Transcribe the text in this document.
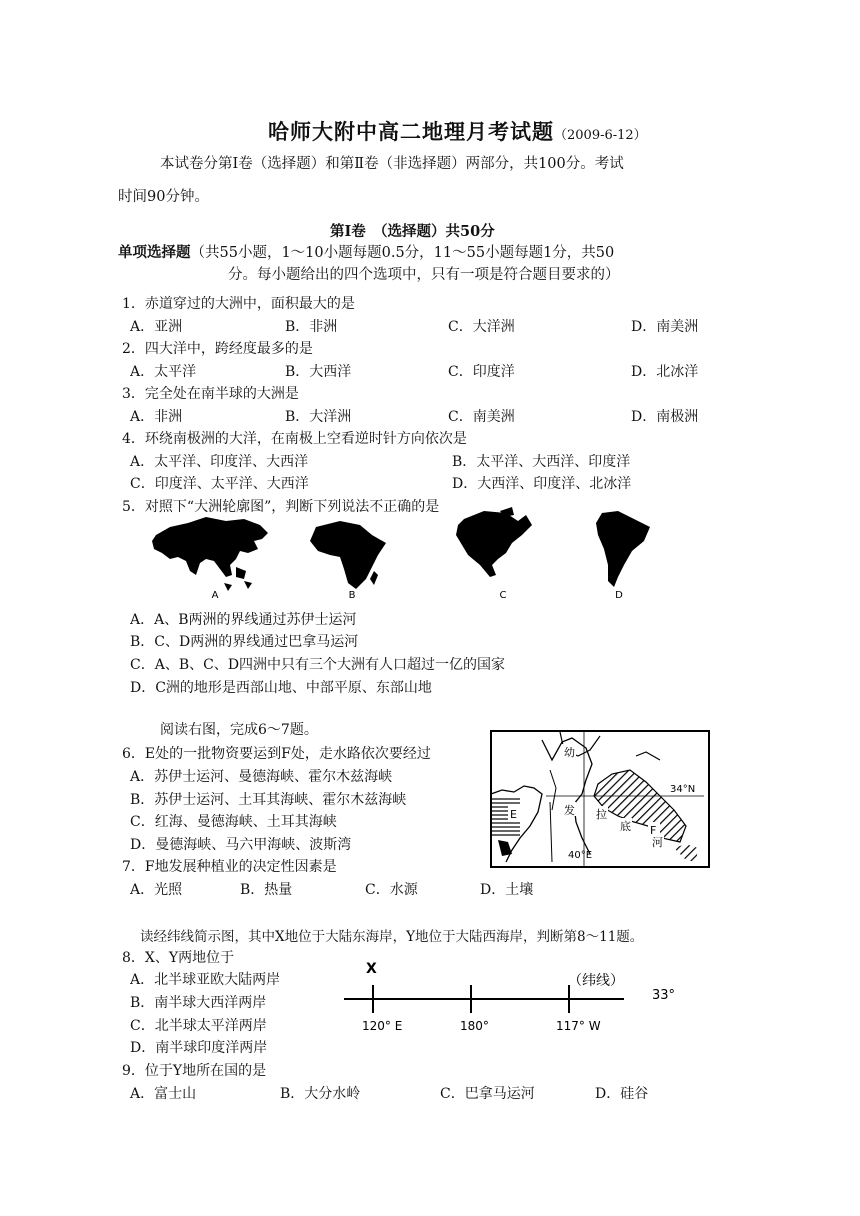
哈师大附中高二地理月考试题（2009-6-12）
本试卷分第Ⅰ卷（选择题）和第Ⅱ卷（非选择题）两部分，共100分。考试
时间90分钟。
第Ⅰ卷　（选择题）共50分
单项选择题（共55小题，1～10小题每题0.5分，11～55小题每题1分，共50
分。每小题给出的四个选项中，只有一项是符合题目要求的）
1．赤道穿过的大洲中，面积最大的是
A．亚洲	B．非洲	C．大洋洲	D．南美洲
2．四大洋中，跨经度最多的是
A．太平洋	B．大西洋	C．印度洋	D．北冰洋
3．完全处在南半球的大洲是
A．非洲	B．大洋洲	C．南美洲	D．南极洲
4．环绕南极洲的大洋，在南极上空看逆时针方向依次是
A．太平洋、印度洋、大西洋	B．太平洋、大西洋、印度洋
C．印度洋、太平洋、大西洋	D．大西洋、印度洋、北冰洋
5．对照下“大洲轮廓图”，判断下列说法不正确的是
A	B	C	D
A．A、B两洲的界线通过苏伊士运河
B．C、D两洲的界线通过巴拿马运河
C．A、B、C、D四洲中只有三个大洲有人口超过一亿的国家
D．C洲的地形是西部山地、中部平原、东部山地
阅读右图，完成6～7题。
6．E处的一批物资要运到F处，走水路依次要经过
A．苏伊士运河、曼德海峡、霍尔木兹海峡
B．苏伊士运河、土耳其海峡、霍尔木兹海峡
C．红海、曼德海峡、土耳其海峡
D．曼德海峡、马六甲海峡、波斯湾
幼
发 拉
底
河
E
F
34°N
40°E
7．F地发展种植业的决定性因素是
A．光照	B．热量	C．水源	D．土壤
读经纬线简示图，其中X地位于大陆东海岸，Y地位于大陆西海岸，判断第8～11题。
8．X、Y两地位于
A．北半球亚欧大陆两岸
B．南半球大西洋两岸
C．北半球太平洋两岸
D．南半球印度洋两岸
X
（纬线）
33°
120° E	180°	117° W
9．位于Y地所在国的是
A．富士山	B．大分水岭	C．巴拿马运河	D．硅谷
